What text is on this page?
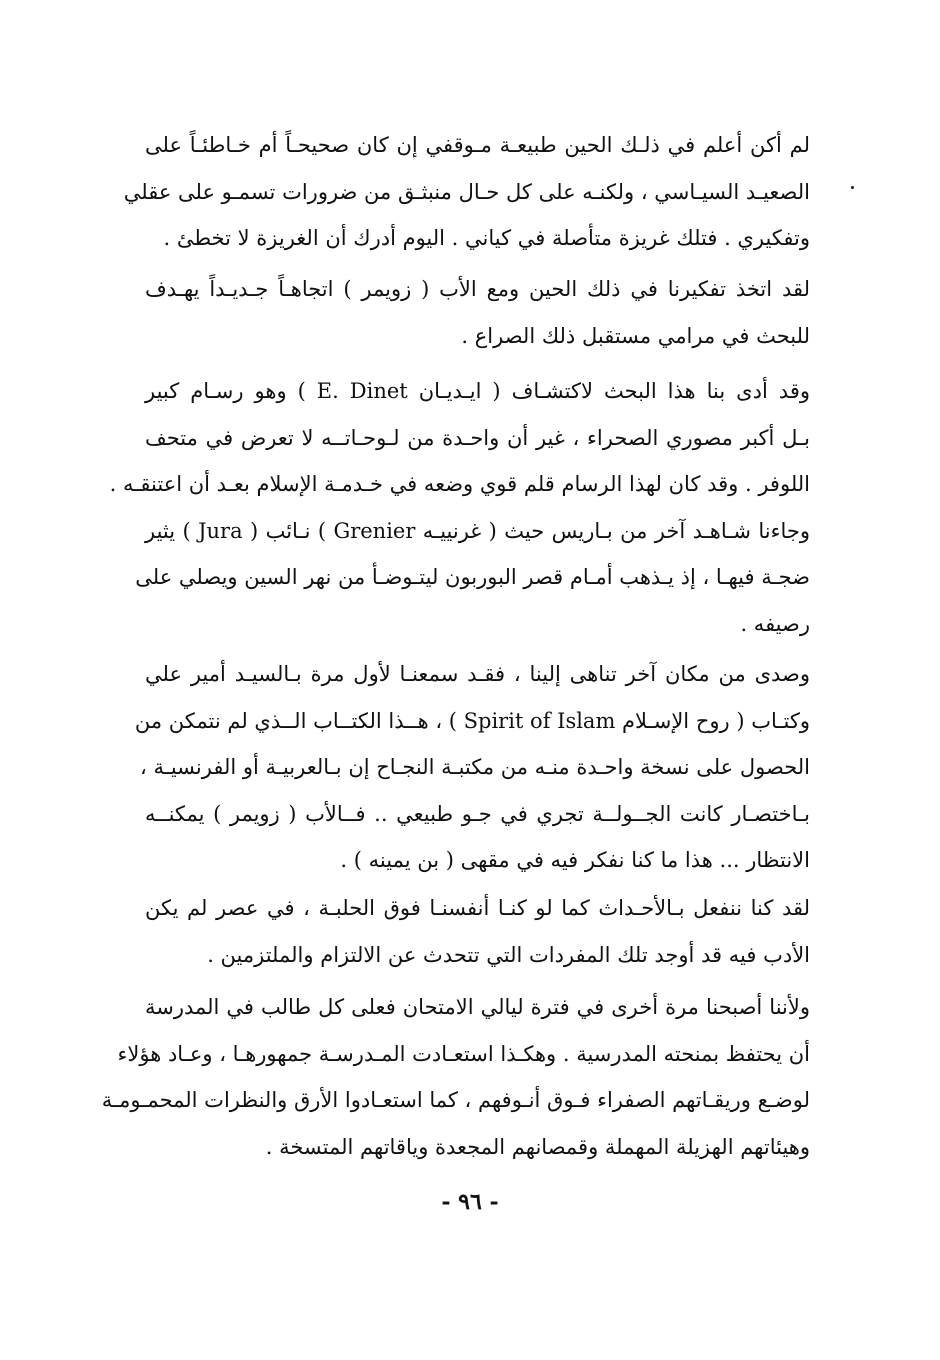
لم أكن أعلم في ذلـك الحين طبيعـة مـوقفي إن كان صحيحـاً أم خـاطئـاً على
الصعيـد السيـاسي ، ولكنـه على كل حـال منبثـق من ضرورات تسمـو على عقلي
وتفكيري . فتلك غريزة متأصلة في كياني . اليوم أدرك أن الغريزة لا تخطئ .
لقد اتخذ تفكيرنا في ذلك الحين ومع الأب ( زويمر ) اتجاهـاً جـديـداً يهـدف
للبحث في مرامي مستقبل ذلك الصراع .
وقد أدى بنا هذا البحث لاكتشـاف ( ايـديـان E. Dinet ) وهو رسـام كبير
بـل أكبر مصوري الصحراء ، غير أن واحـدة من لـوحـاتــه لا تعرض في متحف
اللوفر . وقد كان لهذا الرسام قلم قوي وضعه في خـدمـة الإسلام بعـد أن اعتنقـه .
وجاءنا شـاهـد آخر من بـاريس حيث ( غرنييـه Grenier ) نـائب ( Jura ) يثير
ضجـة فيهـا ، إذ يـذهب أمـام قصر البوربون ليتـوضـأ من نهر السين ويصلي على
رصيفه .
وصدى من مكان آخر تناهى إلينا ، فقـد سمعنـا لأول مرة بـالسيـد أمير علي
وكتـاب ( روح الإسـلام Spirit of Islam ) ، هــذا الكتــاب الــذي لم نتمكن من
الحصول على نسخة واحـدة منـه من مكتبـة النجـاح إن بـالعربيـة أو الفرنسيـة ،
بـاختصـار كانت الجــولــة تجري في جـو طبيعي .. فــالأب ( زويمر ) يمكنــه
الانتظار ... هذا ما كنا نفكر فيه في مقهى ( بن يمينه ) .
لقد كنا ننفعل بـالأحـداث كما لو كنـا أنفسنـا فوق الحلبـة ، في عصر لم يكن
الأدب فيه قد أوجد تلك المفردات التي تتحدث عن الالتزام والملتزمين .
ولأننا أصبحنا مرة أخرى في فترة ليالي الامتحان فعلى كل طالب في المدرسة
أن يحتفظ بمنحته المدرسية . وهكـذا استعـادت المـدرسـة جمهورهـا ، وعـاد هؤلاء
لوضـع وريقـاتهم الصفراء فـوق أنـوفهم ، كما استعـادوا الأرق والنظرات المحمـومـة
وهيئاتهم الهزيلة المهملة وقمصانهم المجعدة وياقاتهم المتسخة .
- ٩٦ -
